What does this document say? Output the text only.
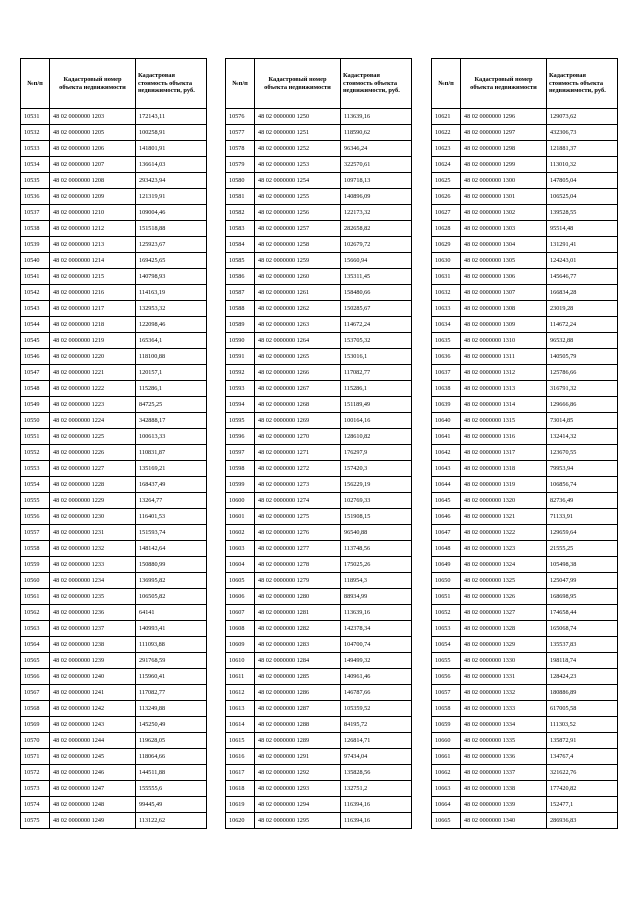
№п/п	Кадастровый номер объекта недвижимости	Кадастровая стоимость объекта недвижимости, руб.
10531	48 02 0000000 1203	172143,11
10532	48 02 0000000 1205	100258,91
10533	48 02 0000000 1206	141801,91
10534	48 02 0000000 1207	136614,03
10535	48 02 0000000 1208	293423,94
10536	48 02 0000000 1209	121319,91
10537	48 02 0000000 1210	109004,46
10538	48 02 0000000 1212	151518,88
10539	48 02 0000000 1213	125923,67
10540	48 02 0000000 1214	169425,65
10541	48 02 0000000 1215	140798,93
10542	48 02 0000000 1216	114163,19
10543	48 02 0000000 1217	132953,32
10544	48 02 0000000 1218	122098,46
10545	48 02 0000000 1219	165364,1
10546	48 02 0000000 1220	118100,88
10547	48 02 0000000 1221	120157,1
10548	48 02 0000000 1222	115286,1
10549	48 02 0000000 1223	84725,25
10550	48 02 0000000 1224	342888,17
10551	48 02 0000000 1225	100613,33
10552	48 02 0000000 1226	110831,87
10553	48 02 0000000 1227	135169,21
10554	48 02 0000000 1228	168437,49
10555	48 02 0000000 1229	13264,77
10556	48 02 0000000 1230	116401,53
10557	48 02 0000000 1231	151593,74
10558	48 02 0000000 1232	148142,64
10559	48 02 0000000 1233	150880,99
10560	48 02 0000000 1234	136995,82
10561	48 02 0000000 1235	106505,82
10562	48 02 0000000 1236	64141
10563	48 02 0000000 1237	140993,41
10564	48 02 0000000 1238	111093,88
10565	48 02 0000000 1239	291768,59
10566	48 02 0000000 1240	115960,41
10567	48 02 0000000 1241	117082,77
10568	48 02 0000000 1242	113249,88
10569	48 02 0000000 1243	145250,49
10570	48 02 0000000 1244	119628,05
10571	48 02 0000000 1245	118064,66
10572	48 02 0000000 1246	144511,88
10573	48 02 0000000 1247	155555,6
10574	48 02 0000000 1248	99445,49
10575	48 02 0000000 1249	113122,62
№п/п	Кадастровый номер объекта недвижимости	Кадастровая стоимость объекта недвижимости, руб.
10576	48 02 0000000 1250	113639,16
10577	48 02 0000000 1251	118590,62
10578	48 02 0000000 1252	96346,24
10579	48 02 0000000 1253	322570,61
10580	48 02 0000000 1254	109718,13
10581	48 02 0000000 1255	140896,09
10582	48 02 0000000 1256	122173,32
10583	48 02 0000000 1257	282658,82
10584	48 02 0000000 1258	102679,72
10585	48 02 0000000 1259	15660,94
10586	48 02 0000000 1260	135311,45
10587	48 02 0000000 1261	158480,66
10588	48 02 0000000 1262	150285,67
10589	48 02 0000000 1263	114672,24
10590	48 02 0000000 1264	153705,32
10591	48 02 0000000 1265	153016,1
10592	48 02 0000000 1266	117082,77
10593	48 02 0000000 1267	115286,1
10594	48 02 0000000 1268	151189,49
10595	48 02 0000000 1269	100164,16
10596	48 02 0000000 1270	128610,82
10597	48 02 0000000 1271	176297,9
10598	48 02 0000000 1272	157420,3
10599	48 02 0000000 1273	156229,19
10600	48 02 0000000 1274	102769,33
10601	48 02 0000000 1275	151908,15
10602	48 02 0000000 1276	96540,88
10603	48 02 0000000 1277	113748,56
10604	48 02 0000000 1278	175025,26
10605	48 02 0000000 1279	118954,3
10606	48 02 0000000 1280	88934,99
10607	48 02 0000000 1281	113639,16
10608	48 02 0000000 1282	142378,34
10609	48 02 0000000 1283	104700,74
10610	48 02 0000000 1284	149499,32
10611	48 02 0000000 1285	140961,46
10612	48 02 0000000 1286	146787,66
10613	48 02 0000000 1287	105359,52
10614	48 02 0000000 1288	84195,72
10615	48 02 0000000 1289	126814,71
10616	48 02 0000000 1291	97434,04
10617	48 02 0000000 1292	135828,56
10618	48 02 0000000 1293	132751,2
10619	48 02 0000000 1294	116394,16
10620	48 02 0000000 1295	116394,16
№п/п	Кадастровый номер объекта недвижимости	Кадастровая стоимость объекта недвижимости, руб.
10621	48 02 0000000 1296	129073,62
10622	48 02 0000000 1297	432306,73
10623	48 02 0000000 1298	121881,37
10624	48 02 0000000 1299	113010,32
10625	48 02 0000000 1300	147805,04
10626	48 02 0000000 1301	106525,04
10627	48 02 0000000 1302	139528,55
10628	48 02 0000000 1303	95514,48
10629	48 02 0000000 1304	131291,41
10630	48 02 0000000 1305	124243,01
10631	48 02 0000000 1306	145646,77
10632	48 02 0000000 1307	166834,28
10633	48 02 0000000 1308	23019,28
10634	48 02 0000000 1309	114672,24
10635	48 02 0000000 1310	96532,88
10636	48 02 0000000 1311	140505,79
10637	48 02 0000000 1312	125786,66
10638	48 02 0000000 1313	316791,32
10639	48 02 0000000 1314	129666,86
10640	48 02 0000000 1315	73014,85
10641	48 02 0000000 1316	132414,32
10642	48 02 0000000 1317	123670,55
10643	48 02 0000000 1318	79953,94
10644	48 02 0000000 1319	106856,74
10645	48 02 0000000 1320	82736,49
10646	48 02 0000000 1321	71133,91
10647	48 02 0000000 1322	129659,64
10648	48 02 0000000 1323	21555,25
10649	48 02 0000000 1324	105498,38
10650	48 02 0000000 1325	125047,99
10651	48 02 0000000 1326	168698,95
10652	48 02 0000000 1327	174658,44
10653	48 02 0000000 1328	165068,74
10654	48 02 0000000 1329	135537,83
10655	48 02 0000000 1330	198118,74
10656	48 02 0000000 1331	128424,23
10657	48 02 0000000 1332	180886,89
10658	48 02 0000000 1333	617005,58
10659	48 02 0000000 1334	111303,52
10660	48 02 0000000 1335	135872,91
10661	48 02 0000000 1336	134767,4
10662	48 02 0000000 1337	321622,76
10663	48 02 0000000 1338	177420,82
10664	48 02 0000000 1339	152477,1
10665	48 02 0000000 1340	286936,83
